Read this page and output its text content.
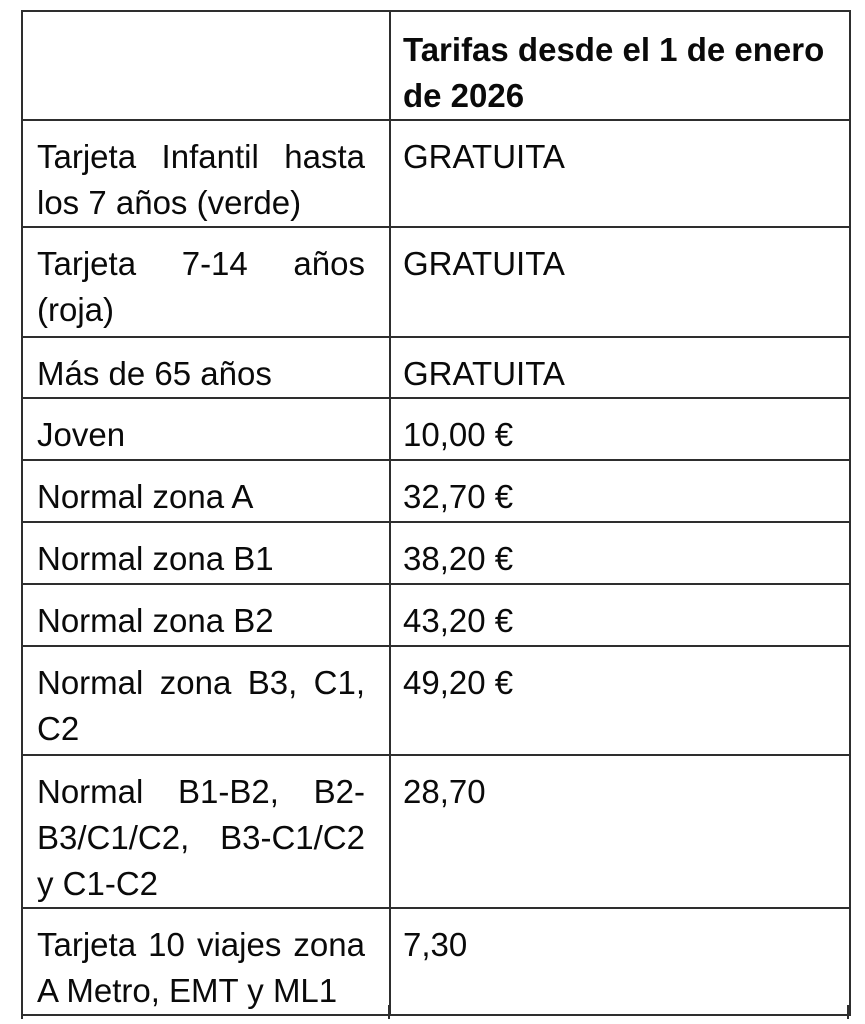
	Tarifas desde el 1 de enero de 2026
Tarjeta Infantil hasta los 7 años (verde)	GRATUITA
Tarjeta 7-14 años (roja)	GRATUITA
Más de 65 años	GRATUITA
Joven	10,00 €
Normal zona A	32,70 €
Normal zona B1	38,20 €
Normal zona B2	43,20 €
Normal zona B3, C1, C2	49,20 €
Normal B1-B2, B2-B3/C1/C2, B3-C1/C2 y C1-C2	28,70
Tarjeta 10 viajes zona A Metro, EMT y ML1	7,30
